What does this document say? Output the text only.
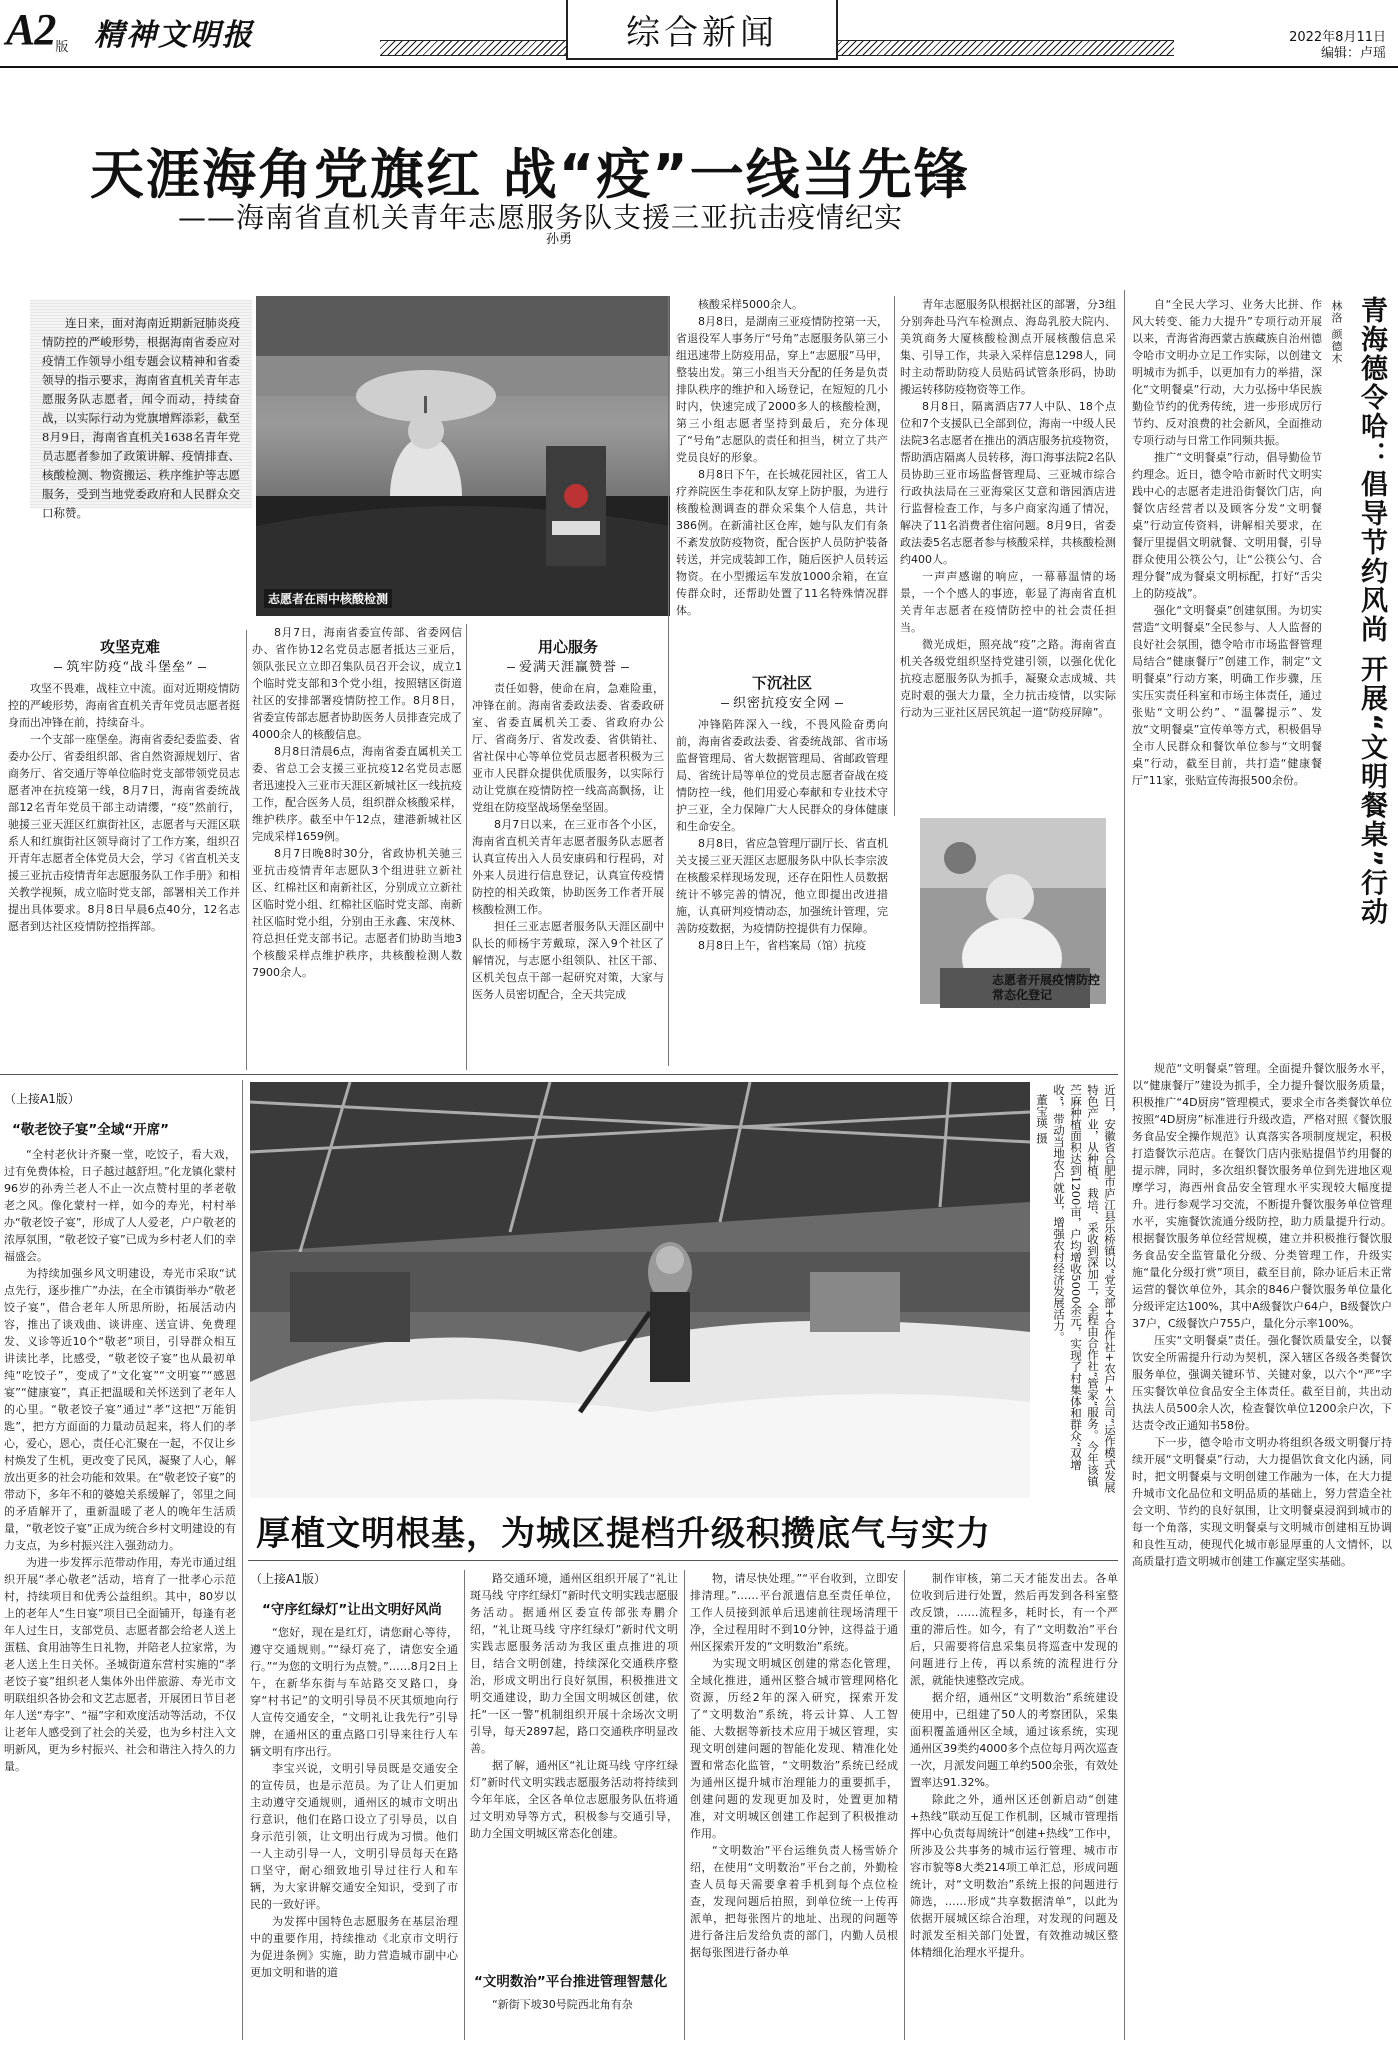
A2版 精神文明报	综合新闻	2022年8月11日
编辑：卢瑶
天涯海角党旗红 战“疫”一线当先锋
——海南省直机关青年志愿服务队支援三亚抗击疫情纪实
孙勇

连日来，面对海南近期新冠肺炎疫情防控的严峻形势，根据海南省委应对疫情工作领导小组专题会议精神和省委领导的指示要求，海南省直机关青年志愿服务队志愿者，闻令而动，持续奋战，以实际行动为党旗增辉添彩，截至8月9日，海南省直机关1638名青年党员志愿者参加了政策讲解、疫情排查、核酸检测、物资搬运、秩序维护等志愿服务，受到当地党委政府和人民群众交口称赞。

志愿者在雨中核酸检测

核酸采样5000余人。

8月8日，是湖南三亚疫情防控第一天，省退役军人事务厅“号角”志愿服务队第三小组迅速带上防疫用品，穿上“志愿服”马甲，整装出发。第三小组当天分配的任务是负责排队秩序的维护和入场登记，在短短的几小时内，快速完成了2000多人的核酸检测，第三小组志愿者坚持到最后，充分体现了“号角”志愿队的责任和担当，树立了共产党员良好的形象。

8月8日下午，在长城花园社区，省工人疗养院医生李花和队友穿上防护服，为进行核酸检测调查的群众采集个人信息，共计386例。在新浦社区仓库，她与队友们有条不紊发放防疫物资，配合医护人员防护装备转送，并完成装卸工作，随后医护人员转运物资。在小型搬运车发放1000余箱，在宣传群众时，还帮助处置了11名特殊情况群体。

青年志愿服务队根据社区的部署，分3组分别奔赴马汽车检测点、海岛乳胶大院内、美筑商务大厦核酸检测点开展核酸信息采集、引导工作，共录入采样信息1298人，同时主动帮助防疫人员贴码试管条形码，协助搬运转移防疫物资等工作。

8月8日，隔离酒店77人中队、18个点位和7个支援队已全部到位，海南一中级人民法院3名志愿者在推出的酒店服务抗疫物资，帮助酒店隔离人员转移，海口海事法院2名队员协助三亚市场监督管理局、三亚城市综合行政执法局在三亚海棠区艾意和谐园酒店进行监督检查工作，与多户商家沟通了情况，解决了11名消费者住宿问题。8月9日，省委政法委5名志愿者参与核酸采样，共核酸检测约400人。

一声声感谢的响应，一幕幕温情的场景，一个个感人的事迹，彰显了海南省直机关青年志愿者在疫情防控中的社会责任担当。

微光成炬，照亮战“疫”之路。海南省直机关各级党组织坚持党建引领，以强化优化抗疫志愿服务队为抓手，凝聚众志成城、共克时艰的强大力量，全力抗击疫情，以实际行动为三亚社区居民筑起一道“防疫屏障”。

志愿者开展疫情防控常态化登记
攻坚克难
筑牢防疫“战斗堡垒”

攻坚不畏难，战桂立中流。面对近期疫情防控的严峻形势，海南省直机关青年党员志愿者挺身而出冲锋在前，持续奋斗。

一个支部一座堡垒。海南省委纪委监委、省委办公厅、省委组织部、省自然资源规划厅、省商务厅、省交通厅等单位临时党支部带领党员志愿者冲在抗疫第一线，8月7日，海南省委统战部12名青年党员干部主动请缨，“疫”然前行，驰援三亚天涯区红旗街社区，志愿者与天涯区联系人和红旗街社区领导商讨了工作方案，组织召开青年志愿者全体党员大会，学习《省直机关支援三亚抗击疫情青年志愿服务队工作手册》和相关教学视频，成立临时党支部，部署相关工作并提出具体要求。8月8日早晨6点40分，12名志愿者到达社区疫情防控指挥部。

8月7日，海南省委宣传部、省委网信办、省作协12名党员志愿者抵达三亚后，领队张民立立即召集队员召开会议，成立1个临时党支部和3个党小组，按照辖区街道社区的安排部署疫情防控工作。8月8日，省委宣传部志愿者协助医务人员排查完成了4000余人的核酸信息。

8月8日清晨6点，海南省委直属机关工委、省总工会支援三亚抗疫12名党员志愿者迅速投入三亚市天涯区新城社区一线抗疫工作，配合医务人员，组织群众核酸采样，维护秩序。截至中午12点，建港新城社区完成采样1659例。

8月7日晚8时30分，省政协机关驰三亚抗击疫情青年志愿队3个组进驻立新社区、红棉社区和南新社区，分别成立立新社区临时党小组、红棉社区临时党支部、南新社区临时党小组，分别由王永鑫、宋茂林、符总担任党支部书记。志愿者们协助当地3个核酸采样点维护秩序，共核酸检测人数7900余人。

用心服务
爱满天涯赢赞誉

责任如磐，使命在肩，急难险重，冲锋在前。海南省委政法委、省委政研室、省委直属机关工委、省政府办公厅、省商务厅、省发改委、省供销社、省社保中心等单位党员志愿者积极为三亚市人民群众提供优质服务，以实际行动让党旗在疫情防控一线高高飘扬，让党组在防疫坚战场堡垒坚固。

8月7日以来，在三亚市各个小区，海南省直机关青年志愿者服务队志愿者认真宣传出入人员安康码和行程码，对外来人员进行信息登记，认真宣传疫情防控的相关政策，协助医务工作者开展核酸检测工作。

担任三亚志愿者服务队天涯区副中队长的师杨宇芳戴琼，深入9个社区了解情况，与志愿小组领队、社区干部、区机关包点干部一起研究对策，大家与医务人员密切配合，全天共完成

下沉社区
织密抗疫安全网

冲锋陷阵深入一线，不畏风险奋勇向前，海南省委政法委、省委统战部、省市场监督管理局、省大数据管理局、省邮政管理局、省统计局等单位的党员志愿者奋战在疫情防控一线，他们用爱心奉献和专业技术守护三亚，全力保障广大人民群众的身体健康和生命安全。

8月8日，省应急管理厅副厅长、省直机关支援三亚天涯区志愿服务队中队长李宗波在核酸采样现场发现，还存在阳性人员数据统计不够完善的情况，他立即提出改进措施，认真研判疫情动态，加强统计管理，完善防疫数据，为疫情防控提供有力保障。

8月8日上午，省档案局（馆）抗疫

青海德令哈：倡导节约风尚 开展“文明餐桌”行动
林洛 颜德木

自“全民大学习、业务大比拼、作风大转变、能力大提升”专项行动开展以来，青海省海西蒙古族藏族自治州德令哈市文明办立足工作实际，以创建文明城市为抓手，以更加有力的举措，深化“文明餐桌”行动，大力弘扬中华民族勤俭节约的优秀传统，进一步形成厉行节约、反对浪费的社会新风，全面推动专项行动与日常工作同频共振。

推广“文明餐桌”行动，倡导勤俭节约理念。近日，德令哈市新时代文明实践中心的志愿者走进沿街餐饮门店，向餐饮店经营者以及顾客分发“文明餐桌”行动宣传资料，讲解相关要求，在餐厅里提倡文明就餐、文明用餐，引导群众使用公筷公勺，让“公筷公勺、合理分餐”成为餐桌文明标配，打好“舌尖上的防疫战”。

强化“文明餐桌”创建氛围。为切实营造“文明餐桌”全民参与、人人监督的良好社会氛围，德令哈市市场监督管理局结合“健康餐厅”创建工作，制定“文明餐桌”行动方案，明确工作步骤，压实压实责任科室和市场主体责任，通过张贴“文明公约”、“温馨提示”、发放“文明餐桌”宣传单等方式，积极倡导全市人民群众和餐饮单位参与“文明餐桌”行动，截至目前，共打造“健康餐厅”11家，张贴宣传海报500余份。

规范“文明餐桌”管理。全面提升餐饮服务水平，以“健康餐厅”建设为抓手，全力提升餐饮服务质量，积极推广“4D厨房”管理模式，要求全市各类餐饮单位按照“4D厨房”标准进行升级改造，严格对照《餐饮服务食品安全操作规范》认真落实各项制度规定，积极打造餐饮示范店。在餐饮门店内张贴提倡节约用餐的提示牌，同时，多次组织餐饮服务单位到先进地区观摩学习，海西州食品安全管理水平实现较大幅度提升。进行参观学习交流，不断提升餐饮服务单位管理水平，实施餐饮流通分级防控，助力质量提升行动。根据餐饮服务单位经营规模，建立并积极推行餐饮服务食品安全监管量化分级、分类管理工作，升级实施“量化分级打赏”项目，截至目前，除办证后未正常运营的餐饮单位外，其余的846户餐饮服务单位量化分级评定达100%，其中A级餐饮户64户，B级餐饮户37户，C级餐饮户755户，量化分示率100%。

压实“文明餐桌”责任。强化餐饮质量安全，以餐饮安全所需提升行动为契机，深入辖区各级各类餐饮服务单位，强调关键环节、关键对象，以六个“严”字压实餐饮单位食品安全主体责任。截至目前，共出动执法人员500余人次，检查餐饮单位1200余户次，下达责令改正通知书58份。

下一步，德令哈市文明办将组织各级文明餐厅持续开展“文明餐桌”行动，大力提倡饮食文化内涵，同时，把文明餐桌与文明创建工作融为一体，在大力提升城市文化品位和文明品质的基础上，努力营造全社会文明、节约的良好氛围，让文明餐桌浸润到城市的每一个角落，实现文明餐桌与文明城市创建相互协调和良性互动，使现代化城市彰显厚重的人文情怀，以高质量打造文明城市创建工作赢定坚实基础。

（上接A1版）
“敬老饺子宴”全域“开席”

“全村老伙计齐聚一堂，吃饺子，看大戏，过有免费体检，日子越过越舒坦。”化龙镇化蒙村96岁的孙秀兰老人不止一次点赞村里的孝老敬老之风。像化蒙村一样，如今的寿光，村村举办“敬老饺子宴”，形成了人人爱老，户户敬老的浓厚氛围，“敬老饺子宴”已成为乡村老人们的幸福盛会。

为持续加强乡风文明建设，寿光市采取“试点先行，逐步推广”办法，在全市镇街举办“敬老饺子宴”，借合老年人所思所盼，拓展活动内容，推出了谈戏曲、谈讲座、送宣讲、免费理发、义诊等近10个“敬老”项目，引导群众相互讲读比孝，比感受，“敬老饺子宴”也从最初单纯“吃饺子”，变成了“文化宴”“文明宴”“感恩宴”“健康宴”，真正把温暖和关怀送到了老年人的心里。“敬老饺子宴”通过“孝”这把“万能钥匙”，把方方面面的力量动员起来，将人们的孝心，爱心，恩心，责任心汇聚在一起，不仅让乡村焕发了生机，更改变了民风，凝聚了人心，解放出更多的社会功能和效果。在“敬老饺子宴”的带动下，多年不和的婆媳关系缓解了，邻里之间的矛盾解开了，重新温暖了老人的晚年生活质量，“敬老饺子宴”正成为统合乡村文明建设的有力支点，为乡村振兴注入强劲动力。

为进一步发挥示范带动作用，寿光市通过组织开展“孝心敬老”活动，培育了一批孝心示范村，持续项目和优秀公益组织。其中，80岁以上的老年人“生日宴”项目已全面铺开，每逢有老年人过生日，支部党员、志愿者都会给老人送上蛋糕、食用油等生日礼物，并陪老人拉家常，为老人送上生日关怀。圣城街道东营村实施的“孝老饺子宴”组织老人集体外出伴旅游、寿光市文明联组织各协会和文艺志愿者，开展团日节目老年人送“寿字”、“福”字和欢度活动等活动，不仅让老年人感受到了社会的关爱，也为乡村注入文明新风，更为乡村振兴、社会和谐注入持久的力量。

近日，安徽省合肥市庐江县乐桥镇以“党支部+合作社+农户+公司”运作模式发展特色产业，从种植、栽培、采收到深加工，全程由合作社“管家”服务。今年该镇苎麻种植面积达到1200亩，户均增收5000余元，实现了村集体和群众“双增收”，带动当地农户就业，增强农村经济发展活力。
董宝瑛 摄
厚植文明根基，为城区提档升级积攒底气与实力
（上接A1版）
“守序红绿灯”让出文明好风尚

“您好，现在是红灯，请您耐心等待，遵守交通规则。”“绿灯亮了，请您安全通行。”“为您的文明行为点赞。”……8月2日上午，在新华东街与车站路交叉路口，身穿“村书记”的文明引导员不厌其烦地向行人宣传交通安全，“文明礼让我先行”引导牌，在通州区的重点路口引导来往行人车辆文明有序出行。

李宝兴说，文明引导员既是交通安全的宣传员，也是示范员。为了让人们更加主动遵守交通规则，通州区的城市文明出行意识，他们在路口设立了引导员，以自身示范引领，让文明出行成为习惯。他们一人主动引导一人，文明引导员每天在路口坚守，耐心细致地引导过往行人和车辆，为大家讲解交通安全知识，受到了市民的一致好评。

为发挥中国特色志愿服务在基层治理中的重要作用，持续推动《北京市文明行为促进条例》实施，助力营造城市副中心更加文明和谐的道

路交通环境，通州区组织开展了“礼让斑马线 守序红绿灯”新时代文明实践志愿服务活动。据通州区委宣传部张寿鹏介绍，“礼让斑马线 守序红绿灯”新时代文明实践志愿服务活动为我区重点推进的项目，结合文明创建，持续深化交通秩序整治，形成文明出行良好氛围，积极推进文明交通建设，助力全国文明城区创建，依托“一区一警”机制组织开展十余场次文明引导，每天2897起，路口交通秩序明显改善。

据了解，通州区“礼让斑马线 守序红绿灯”新时代文明实践志愿服务活动将持续到今年年底，全区各单位志愿服务队伍将通过文明劝导等方式，积极参与交通引导，助力全国文明城区常态化创建。

“文明数治”平台推进管理智慧化

“新街下坡30号院西北角有杂

物，请尽快处理。”“平台收到，立即安排清理。”……平台派遣信息至责任单位，工作人员接到派单后迅速前往现场清理干净，全过程用时不到10分钟，这得益于通州区探索开发的“文明数治”系统。

为实现文明城区创建的常态化管理，全域化推进，通州区整合城市管理网格化资源，历经2年的深入研究，探索开发了“文明数治”系统，将云计算、人工智能、大数据等新技术应用于城区管理，实现文明创建问题的智能化发现、精准化处置和常态化监管，“文明数治”系统已经成为通州区提升城市治理能力的重要抓手，创建问题的发现更加及时，处置更加精准，对文明城区创建工作起到了积极推动作用。

“文明数治”平台运维负责人杨雪娇介绍，在使用“文明数治”平台之前，外勤检查人员每天需要拿着手机到每个点位检查，发现问题后拍照，到单位统一上传再派单，把每张图片的地址、出现的问题等进行备注后发给负责的部门，内勤人员根据每张图进行备办单

制作审核，第二天才能发出去。各单位收到后进行处置，然后再发到各科室整改反馈，……流程多，耗时长，有一个严重的滞后性。如今，有了“文明数治”平台后，只需要将信息采集员将巡查中发现的问题进行上传，再以系统的流程进行分派，就能快速整改完成。

据介绍，通州区“文明数治”系统建设使用中，已组建了50人的考察团队，采集面积覆盖通州区全域，通过该系统，实现通州区39类约4000多个点位每月两次巡查一次，月派发问题工单约500余张，有效处置率达91.32%。

除此之外，通州区还创新启动“创建+热线”联动互促工作机制，区城市管理指挥中心负责每周统计“创建+热线”工作中，所涉及公共事务的城市运行管理、城市市容市貌等8大类214项工单汇总，形成问题统计，对“文明数治”系统上报的问题进行筛选，……形成“共享数据清单”，以此为依据开展城区综合治理，对发现的问题及时派发至相关部门处置，有效推动城区整体精细化治理水平提升。
